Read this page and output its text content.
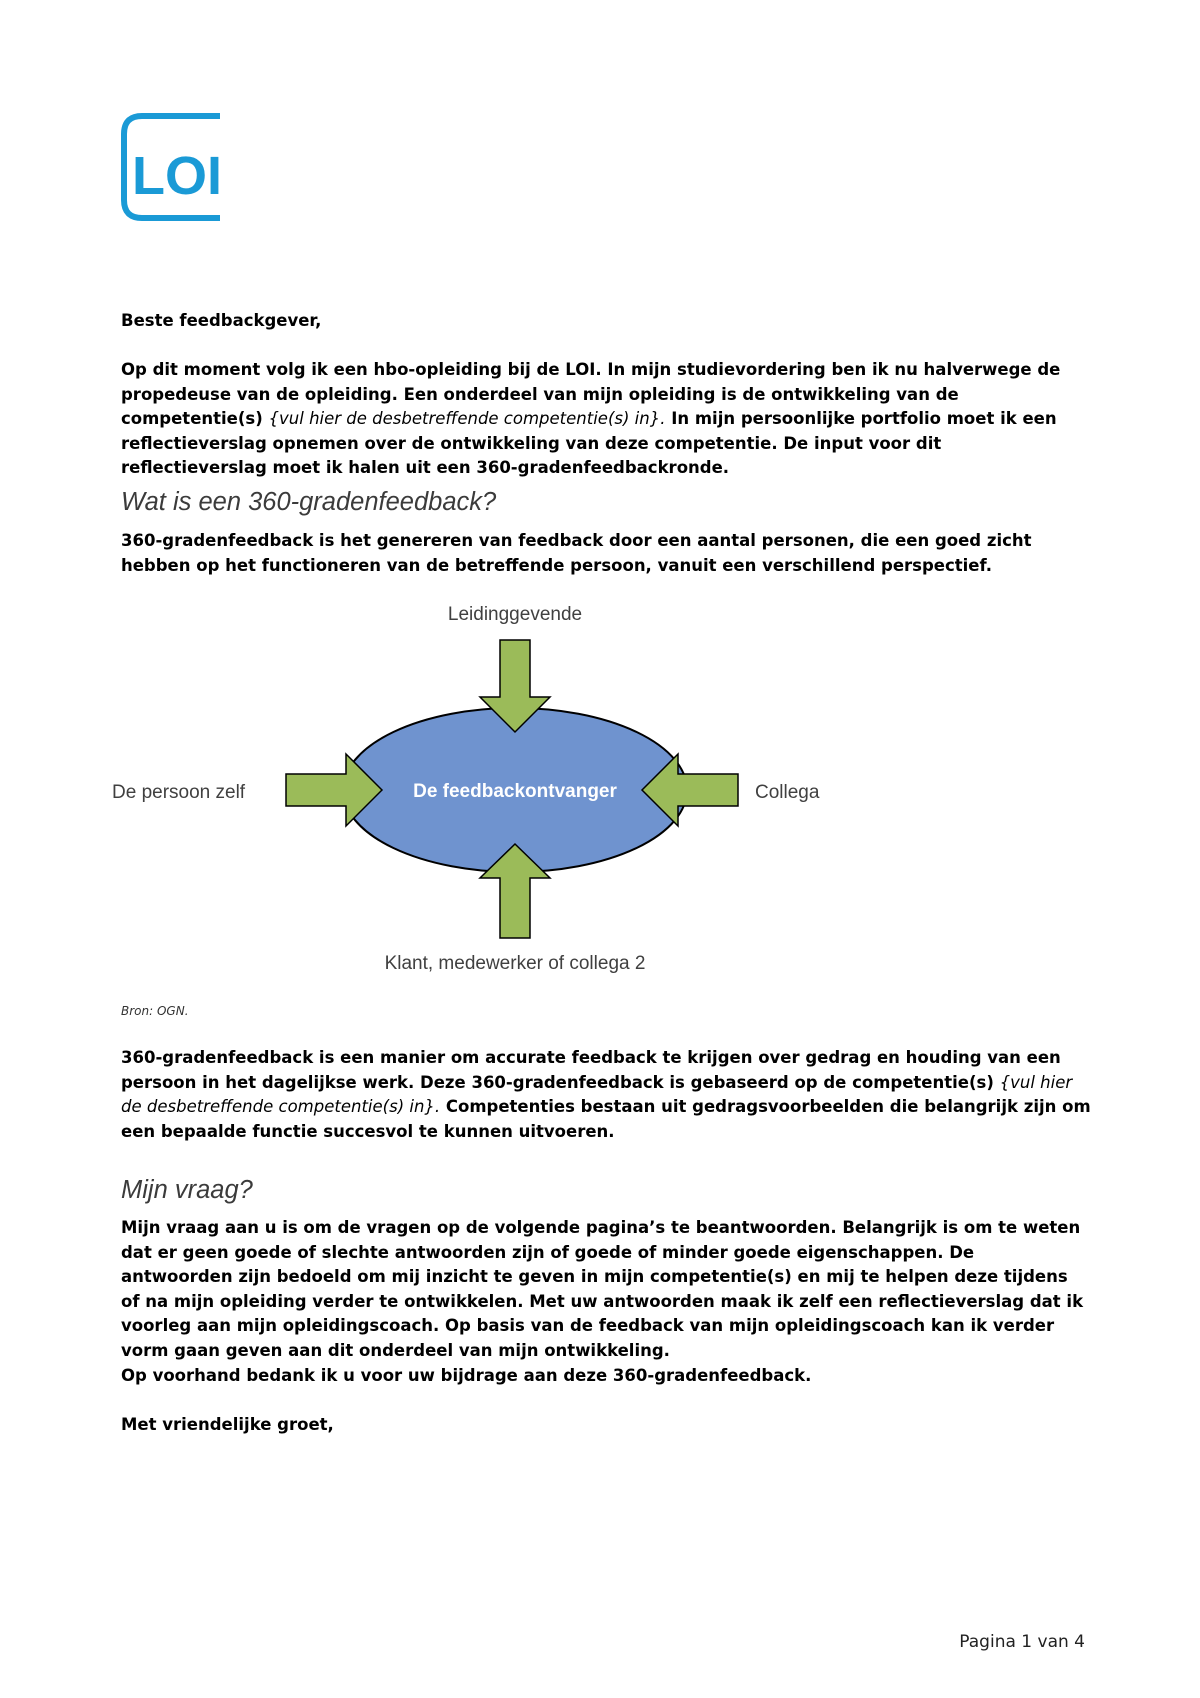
LOI
Beste feedbackgever,
Op dit moment volg ik een hbo-opleiding bij de LOI. In mijn studievordering ben ik nu halverwege de propedeuse van de opleiding. Een onderdeel van mijn opleiding is de ontwikkeling van de competentie(s) {vul hier de desbetreffende competentie(s) in}. In mijn persoonlijke portfolio moet ik een reflectieverslag opnemen over de ontwikkeling van deze competentie. De input voor dit reflectieverslag moet ik halen uit een 360-gradenfeedbackronde.
Wat is een 360-gradenfeedback?
360-gradenfeedback is het genereren van feedback door een aantal personen, die een goed zicht hebben op het functioneren van de betreffende persoon, vanuit een verschillend perspectief.
De feedbackontvanger
Leidinggevende
De persoon zelf	Collega
Klant, medewerker of collega 2
Bron: OGN.
360-gradenfeedback is een manier om accurate feedback te krijgen over gedrag en houding van een persoon in het dagelijkse werk. Deze 360-gradenfeedback is gebaseerd op de competentie(s) {vul hier de desbetreffende competentie(s) in}. Competenties bestaan uit gedragsvoorbeelden die belangrijk zijn om een bepaalde functie succesvol te kunnen uitvoeren.
Mijn vraag?
Mijn vraag aan u is om de vragen op de volgende pagina’s te beantwoorden. Belangrijk is om te weten dat er geen goede of slechte antwoorden zijn of goede of minder goede eigenschappen. De antwoorden zijn bedoeld om mij inzicht te geven in mijn competentie(s) en mij te helpen deze tijdens of na mijn opleiding verder te ontwikkelen. Met uw antwoorden maak ik zelf een reflectieverslag dat ik voorleg aan mijn opleidingscoach. Op basis van de feedback van mijn opleidingscoach kan ik verder vorm gaan geven aan dit onderdeel van mijn ontwikkeling.
Op voorhand bedank ik u voor uw bijdrage aan deze 360-gradenfeedback.
Met vriendelijke groet,
Pagina 1 van 4
